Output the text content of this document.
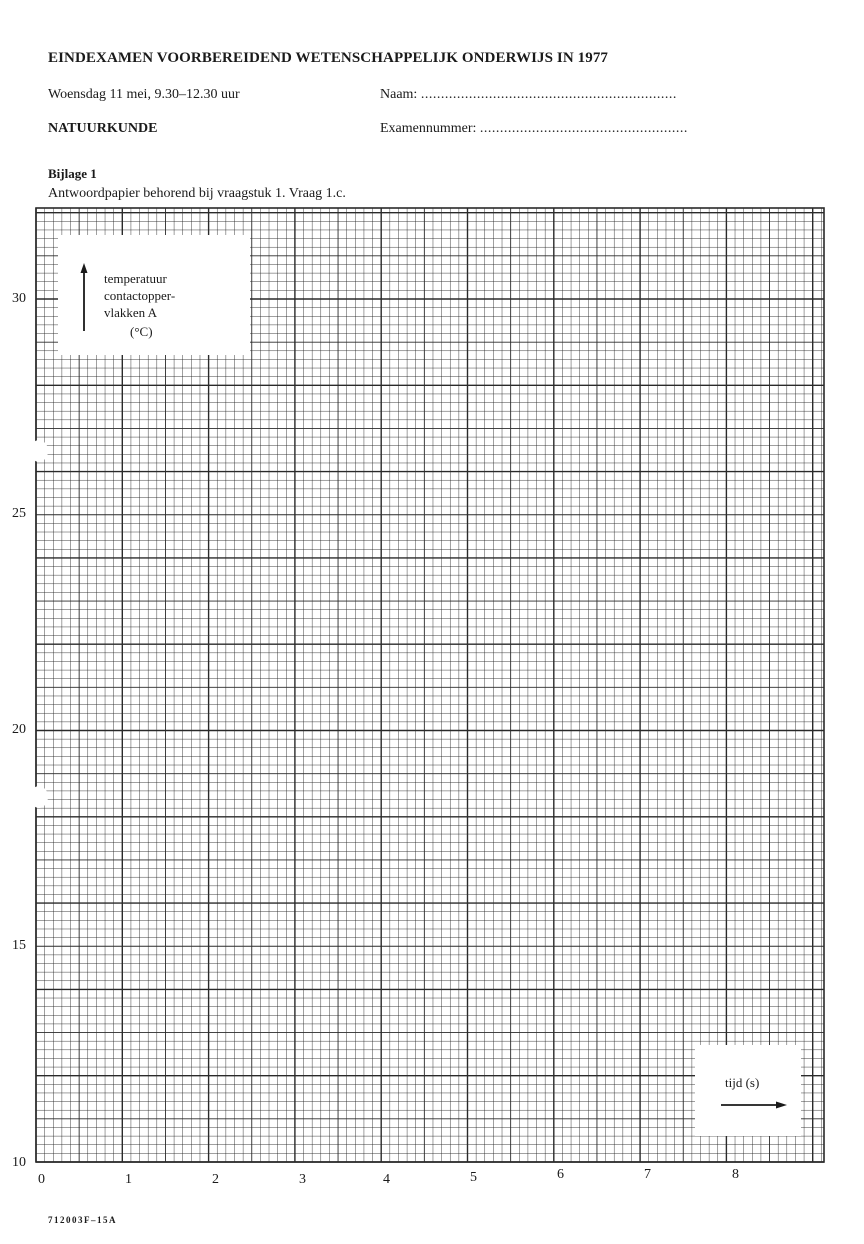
EINDEXAMEN VOORBEREIDEND WETENSCHAPPELIJK ONDERWIJS IN 1977
Woensdag 11 mei, 9.30–12.30 uur
NATUURKUNDE
Naam: ................................................................
Examennummer: ....................................................
Bijlage 1
Antwoordpapier behorend bij vraagstuk 1. Vraag 1.c.
temperatuur
contactopper-
vlakken A
(°C)
tijd (s)
30
25
20
15
10
0	1	2	3	4	5	6	7	8
712003F–15A
